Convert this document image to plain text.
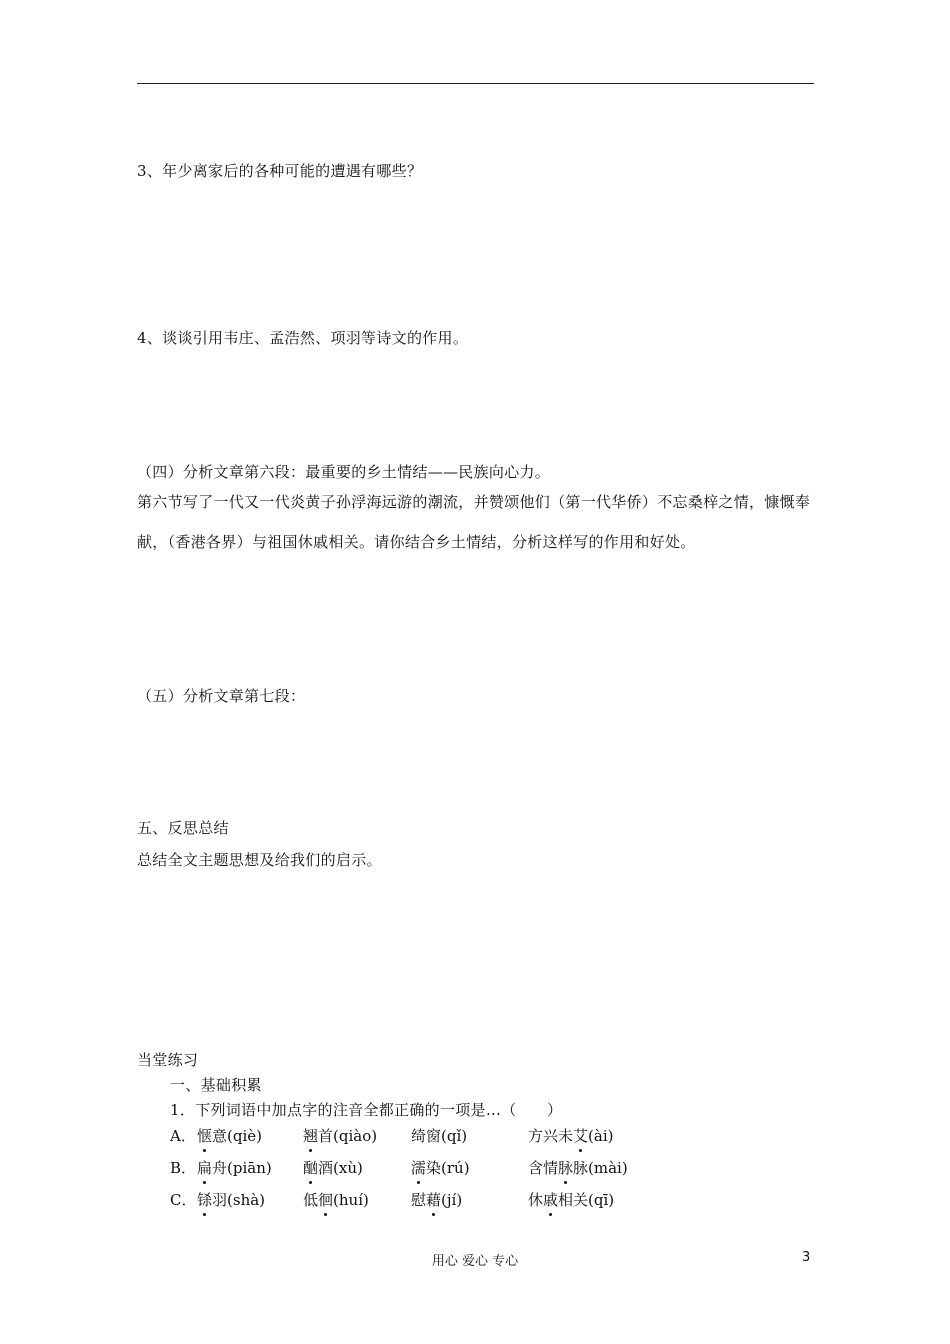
3、年少离家后的各种可能的遭遇有哪些？
4、谈谈引用韦庄、孟浩然、项羽等诗文的作用。
（四）分析文章第六段：最重要的乡土情结——民族向心力。
第六节写了一代又一代炎黄子孙浮海远游的潮流，并赞颂他们（第一代华侨）不忘桑梓之情，慷慨奉献，（香港各界）与祖国休戚相关。请你结合乡土情结，分析这样写的作用和好处。
（五）分析文章第七段：
五、反思总结
总结全文主题思想及给我们的启示。
当堂练习
一、基础积累
1．下列词语中加点字的注音全都正确的一项是…（　　）
A． 惬意(qiè)	翘首(qiào) 绮窗(qǐ)	方兴未艾(ài)
B． 扁舟(piān) 酗酒(xù)	濡染(rú)	含情脉脉(mài)
C． 铩羽(shà)	低徊(huí)	慰藉(jí)	休戚相关(qī)
用心 爱心 专心	3
